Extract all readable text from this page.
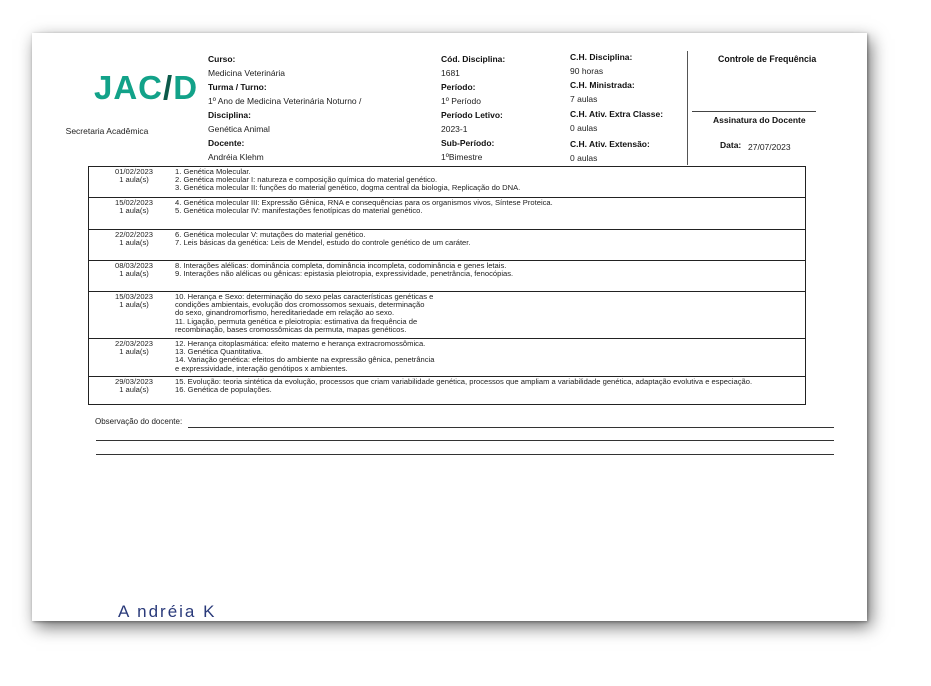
JAC/D
Secretaria Acadêmica
Curso:
Medicina Veterinária
Turma / Turno:
1º Ano de Medicina Veterinária Noturno /
Disciplina:
Genética Animal
Docente:
Andréia Klehm
Cód. Disciplina:
1681
Período:
1º Período
Período Letivo:
2023-1
Sub-Período:
1ºBimestre
C.H. Disciplina:
90 horas
C.H. Ministrada:
7 aulas
C.H. Ativ. Extra Classe:
0 aulas
C.H. Ativ. Extensão:
0 aulas
Controle de Frequência
Assinatura do Docente
Data: 27/07/2023
01/02/2023
1 aula(s)
1. Genética Molecular.
2. Genética molecular I: natureza e composição química do material genético.
3. Genética molecular II: funções do material genético, dogma central da biologia, Replicação do DNA.
15/02/2023
1 aula(s)
4. Genética molecular III: Expressão Gênica, RNA e consequências para os organismos vivos, Síntese Proteica.
5. Genética molecular IV: manifestações fenotípicas do material genético.
22/02/2023
1 aula(s)
6. Genética molecular V: mutações do material genético.
7. Leis básicas da genética: Leis de Mendel, estudo do controle genético de um caráter.
08/03/2023
1 aula(s)
8. Interações alélicas: dominância completa, dominância incompleta, codominância e genes letais.
9. Interações não alélicas ou gênicas: epistasia pleiotropia, expressividade, penetrância, fenocópias.
15/03/2023
1 aula(s)
10. Herança e Sexo: determinação do sexo pelas características genéticas e
condições ambientais, evolução dos cromossomos sexuais, determinação
do sexo, ginandromorfismo, hereditariedade em relação ao sexo.
11. Ligação, permuta genética e pleiotropia: estimativa da frequência de
recombinação, bases cromossômicas da permuta, mapas genéticos.
22/03/2023
1 aula(s)
12. Herança citoplasmática: efeito materno e herança extracromossômica.
13. Genética Quantitativa.
14. Variação genética: efeitos do ambiente na expressão gênica, penetrância
e expressividade, interação genótipos x ambientes.
29/03/2023
1 aula(s)
15. Evolução: teoria sintética da evolução, processos que criam variabilidade genética, processos que ampliam a variabilidade genética, adaptação evolutiva e especiação.
16. Genética de populações.
Observação do docente:
A ndréia K
